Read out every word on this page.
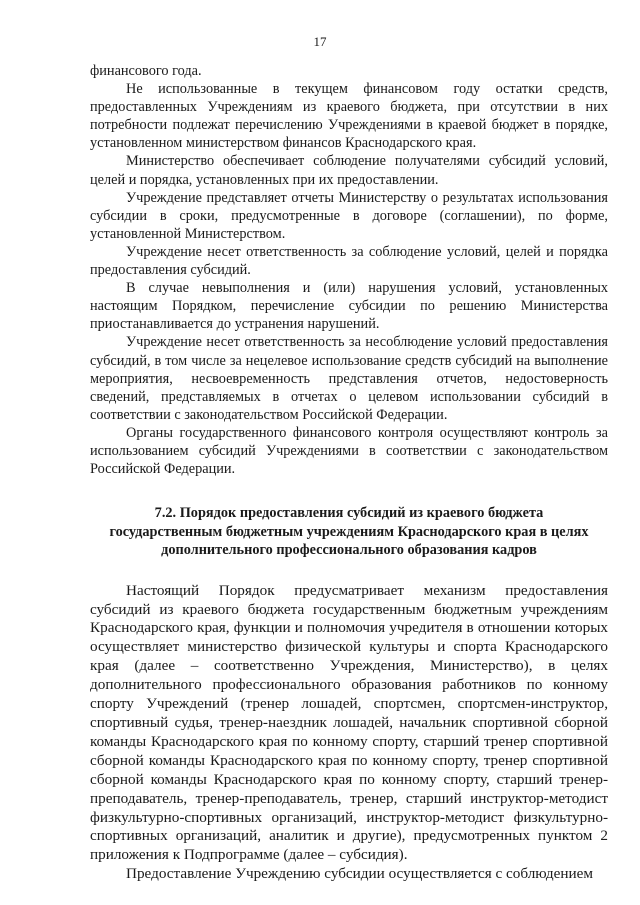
17

финансового года.

Не использованные в текущем финансовом году остатки средств, предоставленных Учреждениям из краевого бюджета, при отсутствии в них потребности подлежат перечислению Учреждениями в краевой бюджет в порядке, установленном министерством финансов Краснодарского края.

Министерство обеспечивает соблюдение получателями субсидий условий, целей и порядка, установленных при их предоставлении.

Учреждение представляет отчеты Министерству о результатах использования субсидии в сроки, предусмотренные в договоре (соглашении), по форме, установленной Министерством.

Учреждение несет ответственность за соблюдение условий, целей и порядка предоставления субсидий.

В случае невыполнения и (или) нарушения условий, установленных настоящим Порядком, перечисление субсидии по решению Министерства приостанавливается до устранения нарушений.

Учреждение несет ответственность за несоблюдение условий предоставления субсидий, в том числе за нецелевое использование средств субсидий на выполнение мероприятия, несвоевременность представления отчетов, недостоверность сведений, представляемых в отчетах о целевом использовании субсидий в соответствии с законодательством Российской Федерации.

Органы государственного финансового контроля осуществляют контроль за использованием субсидий Учреждениями в соответствии с законодательством Российской Федерации.

7.2. Порядок предоставления субсидий из краевого бюджета государственным бюджетным учреждениям Краснодарского края в целях дополнительного профессионального образования кадров

Настоящий Порядок предусматривает механизм предоставления субсидий из краевого бюджета государственным бюджетным учреждениям Краснодарского края, функции и полномочия учредителя в отношении которых осуществляет министерство физической культуры и спорта Краснодарского края (далее – соответственно Учреждения, Министерство), в целях дополнительного профессионального образования работников по конному спорту Учреждений (тренер лошадей, спортсмен, спортсмен-инструктор, спортивный судья, тренер-наездник лошадей, начальник спортивной сборной команды Краснодарского края по конному спорту, старший тренер спортивной сборной команды Краснодарского края по конному спорту, тренер спортивной сборной команды Краснодарского края по конному спорту, старший тренер-преподаватель, тренер-преподаватель, тренер, старший инструктор-методист физкультурно-спортивных организаций, инструктор-методист физкультурно-спортивных организаций, аналитик и другие), предусмотренных пунктом 2 приложения к Подпрограмме (далее – субсидия).

Предоставление Учреждению субсидии осуществляется с соблюдением
